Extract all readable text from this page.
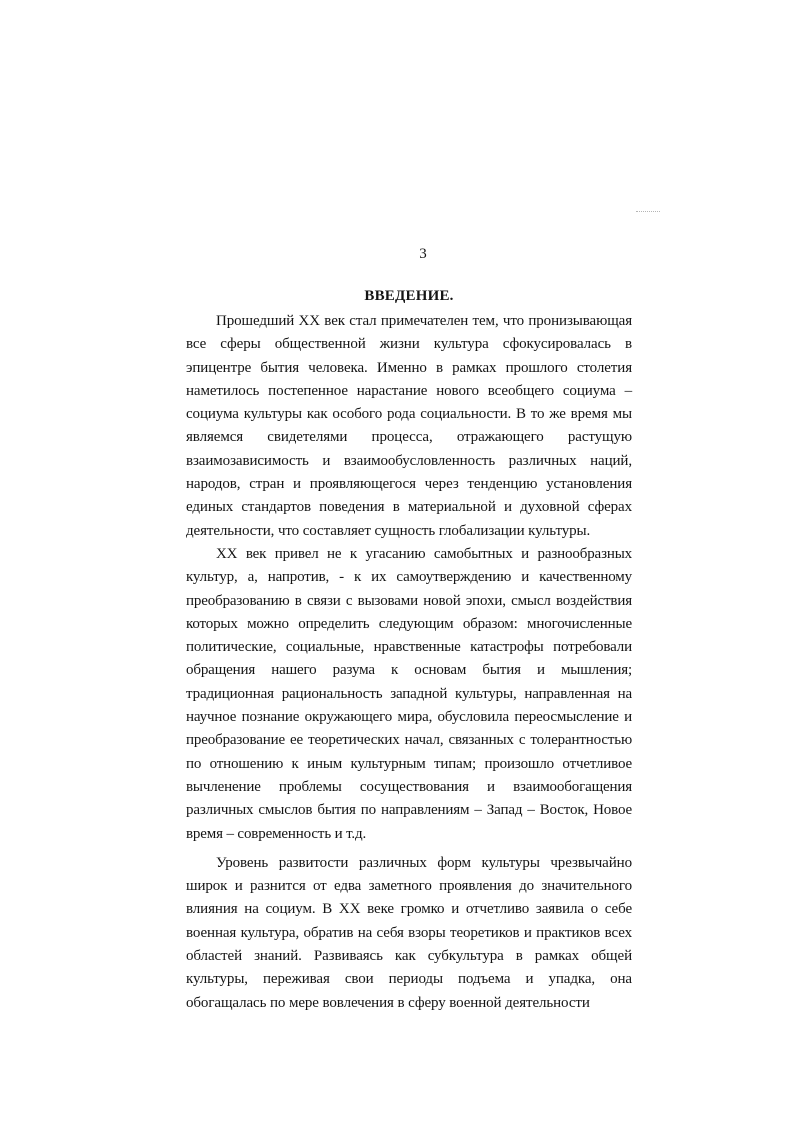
3
ВВЕДЕНИЕ.

Прошедший XX век стал примечателен тем, что пронизывающая все сферы общественной жизни культура сфокусировалась в эпицентре бытия человека. Именно в рамках прошлого столетия наметилось постепенное нарастание нового всеобщего социума – социума культуры как особого рода социальности. В то же время мы являемся свидетелями процесса, отражающего растущую взаимозависимость и взаимообусловленность различных наций, народов, стран и проявляющегося через тенденцию установления единых стандартов поведения в материальной и духовной сферах деятельности, что составляет сущность глобализации культуры.

XX век привел не к угасанию самобытных и разнообразных культур, а, напротив, - к их самоутверждению и качественному преобразованию в связи с вызовами новой эпохи, смысл воздействия которых можно определить следующим образом: многочисленные политические, социальные, нравственные катастрофы потребовали обращения нашего разума к основам бытия и мышления; традиционная рациональность западной культуры, направленная на научное познание окружающего мира, обусловила переосмысление и преобразование ее теоретических начал, связанных с толерантностью по отношению к иным культурным типам; произошло отчетливое вычленение проблемы сосуществования и взаимообогащения различных смыслов бытия по направлениям – Запад – Восток, Новое время – современность и т.д.

Уровень развитости различных форм культуры чрезвычайно широк и разнится от едва заметного проявления до значительного влияния на социум. В XX веке громко и отчетливо заявила о себе военная культура, обратив на себя взоры теоретиков и практиков всех областей знаний. Развиваясь как субкультура в рамках общей культуры, переживая свои периоды подъема и упадка, она обогащалась по мере вовлечения в сферу военной деятельности
